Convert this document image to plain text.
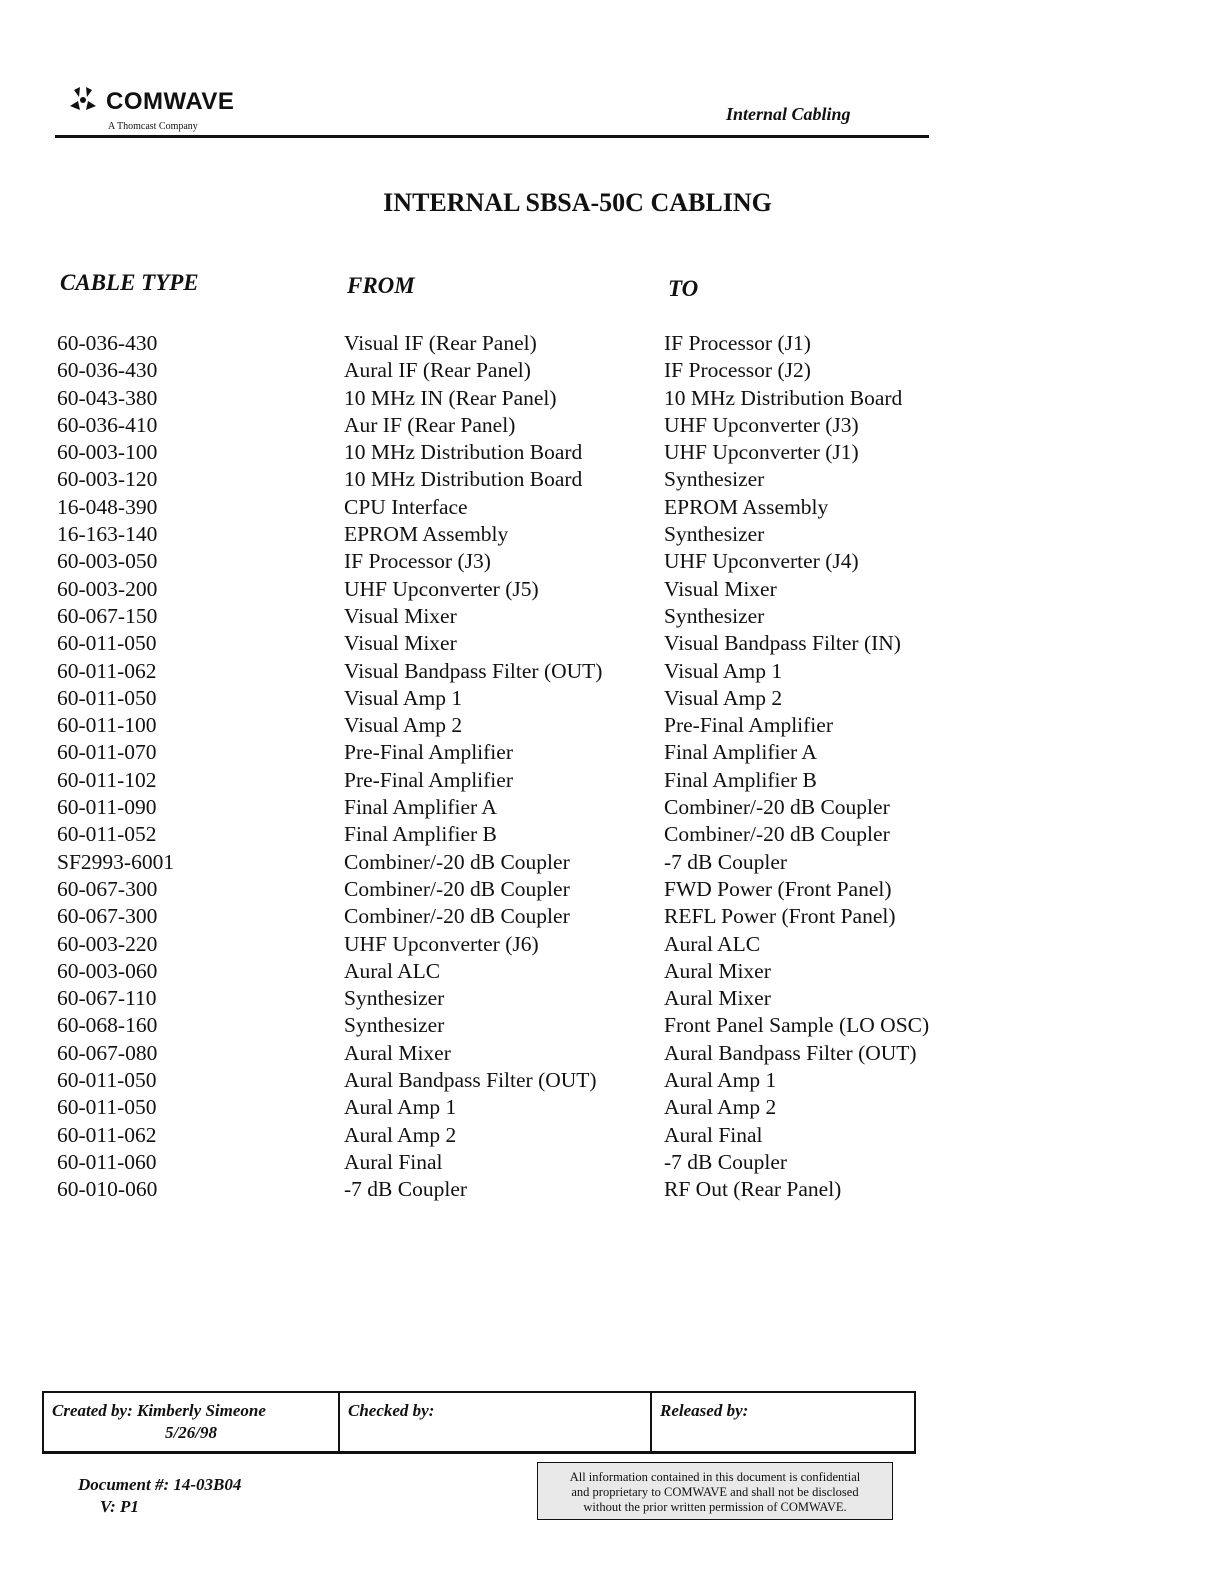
COMWAVE
A Thomcast Company
Internal Cabling
INTERNAL SBSA-50C CABLING
CABLE TYPE	FROM	TO
60-036-430	Visual IF (Rear Panel)	IF Processor (J1)
60-036-430	Aural IF (Rear Panel)	IF Processor (J2)
60-043-380	10 MHz IN (Rear Panel)	10 MHz Distribution Board
60-036-410	Aur IF (Rear Panel)	UHF Upconverter (J3)
60-003-100	10 MHz Distribution Board	UHF Upconverter (J1)
60-003-120	10 MHz Distribution Board	Synthesizer
16-048-390	CPU Interface	EPROM Assembly
16-163-140	EPROM Assembly	Synthesizer
60-003-050	IF Processor (J3)	UHF Upconverter (J4)
60-003-200	UHF Upconverter (J5)	Visual Mixer
60-067-150	Visual Mixer	Synthesizer
60-011-050	Visual Mixer	Visual Bandpass Filter (IN)
60-011-062	Visual Bandpass Filter (OUT)	Visual Amp 1
60-011-050	Visual Amp 1	Visual Amp 2
60-011-100	Visual Amp 2	Pre-Final Amplifier
60-011-070	Pre-Final Amplifier	Final Amplifier A
60-011-102	Pre-Final Amplifier	Final Amplifier B
60-011-090	Final Amplifier A	Combiner/-20 dB Coupler
60-011-052	Final Amplifier B	Combiner/-20 dB Coupler
SF2993-6001	Combiner/-20 dB Coupler	-7 dB Coupler
60-067-300	Combiner/-20 dB Coupler	FWD Power (Front Panel)
60-067-300	Combiner/-20 dB Coupler	REFL Power (Front Panel)
60-003-220	UHF Upconverter (J6)	Aural ALC
60-003-060	Aural ALC	Aural Mixer
60-067-110	Synthesizer	Aural Mixer
60-068-160	Synthesizer	Front Panel Sample (LO OSC)
60-067-080	Aural Mixer	Aural Bandpass Filter (OUT)
60-011-050	Aural Bandpass Filter (OUT)	Aural Amp 1
60-011-050	Aural Amp 1	Aural Amp 2
60-011-062	Aural Amp 2	Aural Final
60-011-060	Aural Final	-7 dB Coupler
60-010-060	-7 dB Coupler	RF Out (Rear Panel)
Created by: Kimberly Simeone
5/26/98
Checked by:	Released by:
Document #: 14-03B04
V: P1
All information contained in this document is confidential
and proprietary to COMWAVE and shall not be disclosed
without the prior written permission of COMWAVE.
